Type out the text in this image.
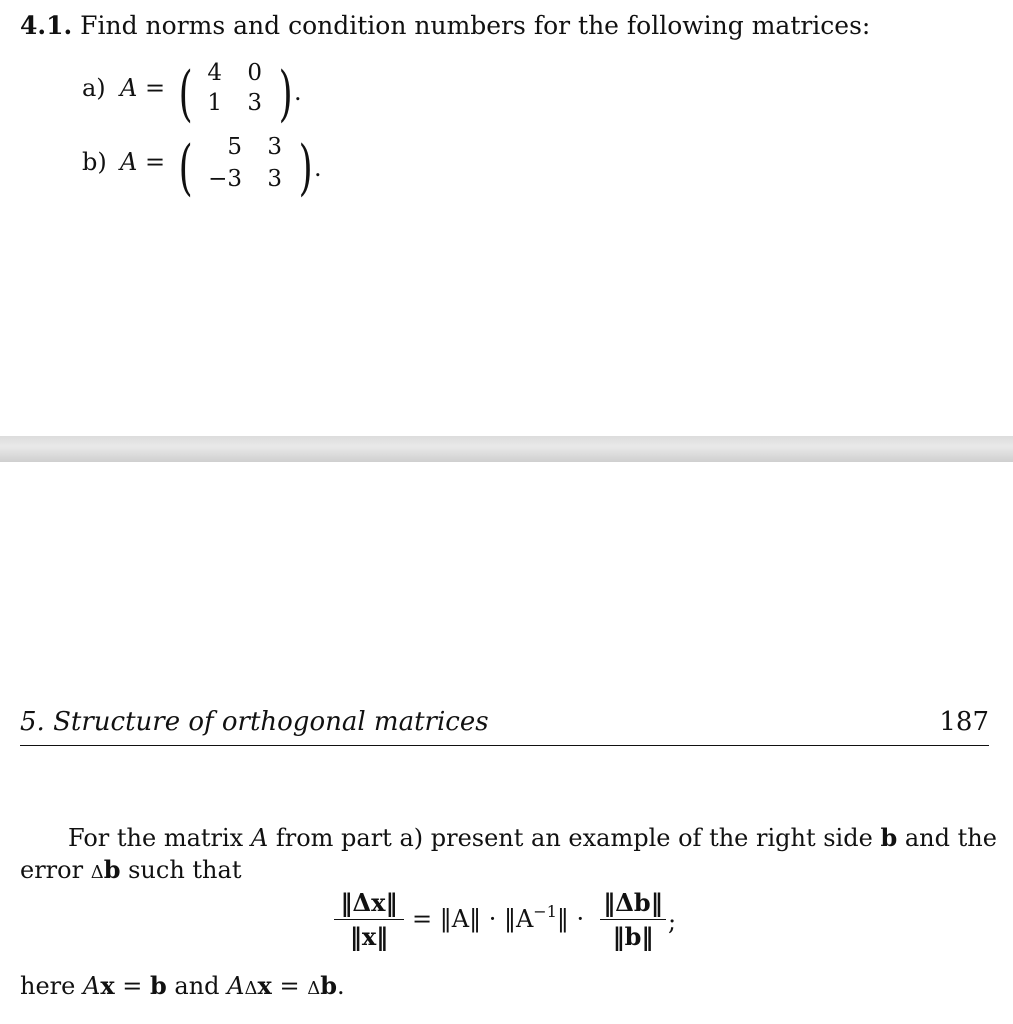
4.1. Find norms and condition numbers for the following matrices:
a) A = ( 4	0
1	3 ) .
b) A = (	5	3
−3	3 ) .
5. Structure of orthogonal matrices	187
For the matrix A from part a) present an example of the right side b and the
error Δb such that
‖Δx‖
‖x‖
= ‖A‖ · $‖A^{-1}‖$ ·
‖Δb‖
‖b‖ ;
here Ax = b and AΔx = Δb.
